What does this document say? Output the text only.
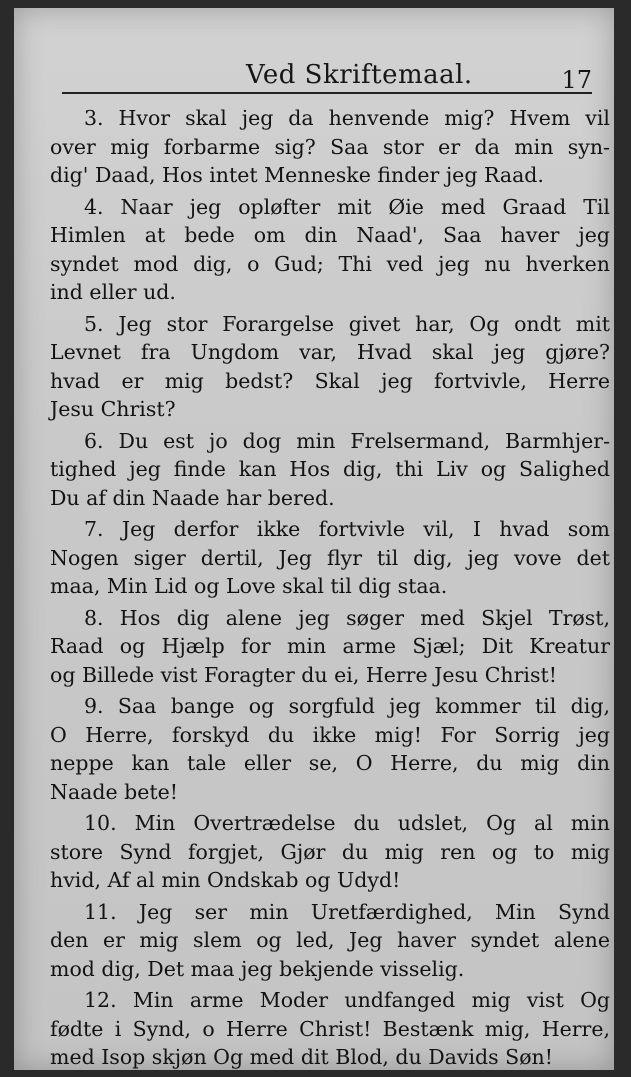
Ved Skriftemaal.	17
3. Hvor skal jeg da henvende mig? Hvem vil
over mig forbarme sig? Saa stor er da min syn-
dig' Daad, Hos intet Menneske finder jeg Raad.
4. Naar jeg opløfter mit Øie med Graad Til
Himlen at bede om din Naad', Saa haver jeg
syndet mod dig, o Gud; Thi ved jeg nu hverken
ind eller ud.
5. Jeg stor Forargelse givet har, Og ondt mit
Levnet fra Ungdom var, Hvad skal jeg gjøre?
hvad er mig bedst? Skal jeg fortvivle, Herre
Jesu Christ?
6. Du est jo dog min Frelsermand, Barmhjer-
tighed jeg finde kan Hos dig, thi Liv og Salighed
Du af din Naade har bered.
7. Jeg derfor ikke fortvivle vil, I hvad som
Nogen siger dertil, Jeg flyr til dig, jeg vove det
maa, Min Lid og Love skal til dig staa.
8. Hos dig alene jeg søger med Skjel Trøst,
Raad og Hjælp for min arme Sjæl; Dit Kreatur
og Billede vist Foragter du ei, Herre Jesu Christ!
9. Saa bange og sorgfuld jeg kommer til dig,
O Herre, forskyd du ikke mig! For Sorrig jeg
neppe kan tale eller se, O Herre, du mig din
Naade bete!
10. Min Overtrædelse du udslet, Og al min
store Synd forgjet, Gjør du mig ren og to mig
hvid, Af al min Ondskab og Udyd!
11. Jeg ser min Uretfærdighed, Min Synd
den er mig slem og led, Jeg haver syndet alene
mod dig, Det maa jeg bekjende visselig.
12. Min arme Moder undfanged mig vist Og
fødte i Synd, o Herre Christ! Bestænk mig, Herre,
med Isop skjøn Og med dit Blod, du Davids Søn!
